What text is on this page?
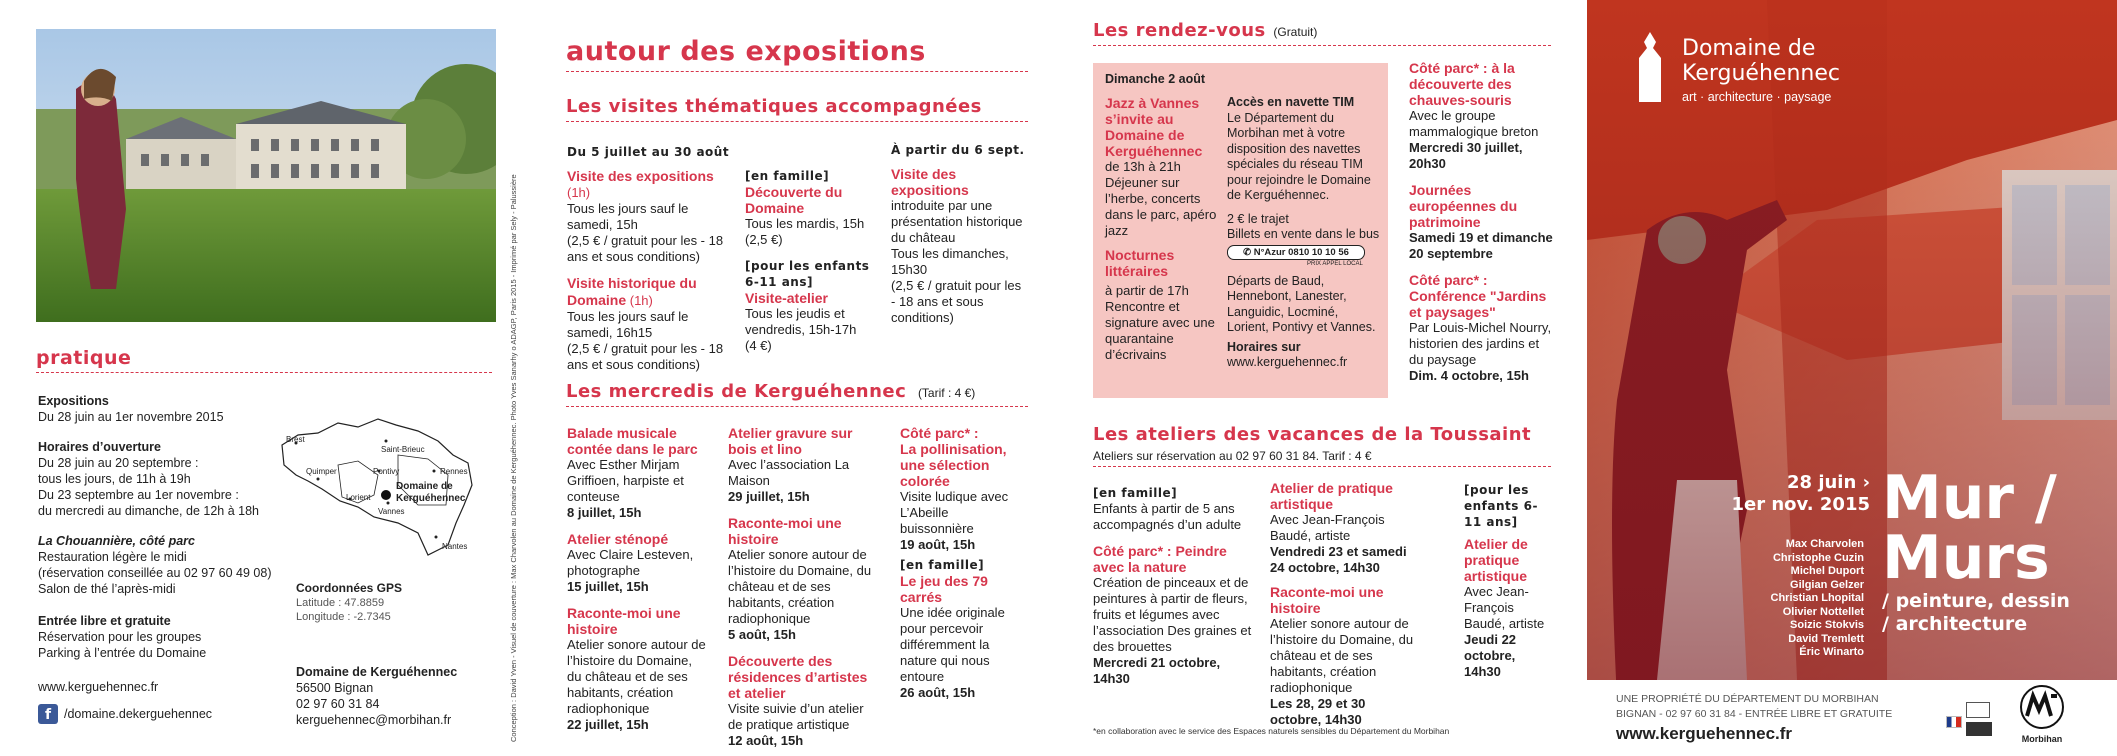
pratique

Expositions

Du 28 juin au 1er novembre 2015

Horaires d’ouverture

Du 28 juin au 20 septembre :

tous les jours, de 11h à 19h

Du 23 septembre au 1er novembre :

du mercredi au dimanche, de 12h à 18h

La Chouannière, côté parc

Restauration légère le midi

(réservation conseillée au 02 97 60 49 08)

Salon de thé l’après-midi

Entrée libre et gratuite

Réservation pour les groupes

Parking à l’entrée du Domaine

www.kerguehennec.fr

f	/domaine.dekerguehennec
Brest
Saint-Brieuc
Rennes
Quimper	Pontivy
Lorient
Vannes
Nantes
Domaine de
Kerguéhennec

Coordonnées GPS

Latitude : 47.8859

Longitude : -2.7345

Domaine de Kerguéhennec

56500 Bignan

02 97 60 31 84

kerguehennec@morbihan.fr	Conception : David Yven - Visuel de couverture : Max Charvolen au Domaine de Kerguéhennec. Photo Yves Sanarhy o ADAGP, Paris 2015 - Imprimé par Sely - Palussière
autour des expositions
Les visites thématiques accompagnées

Du 5 juillet au 30 août

Visite des expositions (1h)

Tous les jours sauf le samedi, 15h

(2,5 € / gratuit pour les - 18 ans et sous conditions)

Visite historique du Domaine (1h)

Tous les jours sauf le samedi, 16h15

(2,5 € / gratuit pour les - 18 ans et sous conditions)

[en famille]

Découverte du Domaine

Tous les mardis, 15h

(2,5 €)

[pour les enfants 6-11 ans]

Visite-atelier

Tous les jeudis et vendredis, 15h-17h

(4 €)

À partir du 6 sept.

Visite des expositions

introduite par une présentation historique du château

Tous les dimanches, 15h30

(2,5 € / gratuit pour les - 18 ans et sous conditions)

Les mercredis de Kerguéhennec (Tarif : 4 €)

Balade musicale contée dans le parc

Avec Esther Mirjam Griffioen, harpiste et conteuse

8 juillet, 15h

Atelier sténopé

Avec Claire Lesteven, photographe

15 juillet, 15h

Raconte-moi une histoire

Atelier sonore autour de l’histoire du Domaine, du château et de ses habitants, création radiophonique

22 juillet, 15h

Atelier gravure sur bois et lino

Avec l’association La Maison

29 juillet, 15h

Raconte-moi une histoire

Atelier sonore autour de l’histoire du Domaine, du château et de ses habitants, création radiophonique

5 août, 15h

Découverte des résidences d’artistes et atelier

Visite suivie d’un atelier de pratique artistique

12 août, 15h

Côté parc* :

La pollinisation, une sélection colorée

Visite ludique avec L’Abeille buissonnière

19 août, 15h

[en famille]

Le jeu des 79 carrés

Une idée originale pour percevoir différemment la nature qui nous entoure

26 août, 15h

Les rendez-vous (Gratuit)

Dimanche 2 août

Jazz à Vannes s’invite au Domaine de Kerguéhennec

de 13h à 21h Déjeuner sur l’herbe, concerts dans le parc, apéro jazz

Nocturnes littéraires

à partir de 17h Rencontre et signature avec une quarantaine d’écrivains

Accès en navette TIM

Le Département du Morbihan met à votre disposition des navettes spéciales du réseau TIM pour rejoindre le Domaine de Kerguéhennec.

2 € le trajet

Billets en vente dans le bus

✆ N°Azur 0810 10 10 56

PRIX APPEL LOCAL

Départs de Baud, Hennebont, Lanester, Languidic, Locminé, Lorient, Pontivy et Vannes.

Horaires sur

www.kerguehennec.fr

Côté parc* : à la découverte des chauves-souris

Avec le groupe mammalogique breton

Mercredi 30 juillet, 20h30

Journées européennes du patrimoine

Samedi 19 et dimanche 20 septembre

Côté parc* : Conférence "Jardins et paysages"

Par Louis-Michel Nourry, historien des jardins et du paysage

Dim. 4 octobre, 15h

Les ateliers des vacances de la Toussaint
Ateliers sur réservation au 02 97 60 31 84. Tarif : 4 €

[en famille]

Enfants à partir de 5 ans accompagnés d’un adulte

Côté parc* : Peindre avec la nature

Création de pinceaux et de peintures à partir de fleurs, fruits et légumes avec l’association Des graines et des brouettes

Mercredi 21 octobre, 14h30

Atelier de pratique artistique

Avec Jean-François Baudé, artiste

Vendredi 23 et samedi 24 octobre, 14h30

Raconte-moi une histoire

Atelier sonore autour de l’histoire du Domaine, du château et de ses habitants, création radiophonique

Les 28, 29 et 30 octobre, 14h30

[pour les enfants 6-11 ans]

Atelier de pratique artistique

Avec Jean-François Baudé, artiste

Jeudi 22 octobre, 14h30

*en collaboration avec le service des Espaces naturels sensibles du Département du Morbihan
Domaine de
Kerguéhennec
art · architecture · paysage
28 juin ›
1er nov. 2015
Max Charvolen
Christophe Cuzin
Michel Duport
Gilgian Gelzer
Christian Lhopital
Olivier Nottellet
Soizic Stokvis
David Tremlett
Éric Winarto
Mur /
Murs
/ peinture, dessin
/ architecture
UNE PROPRIÉTÉ DU DÉPARTEMENT DU MORBIHAN
BIGNAN - 02 97 60 31 84 - ENTRÉE LIBRE ET GRATUITE
www.kerguehennec.fr	Morbihan
